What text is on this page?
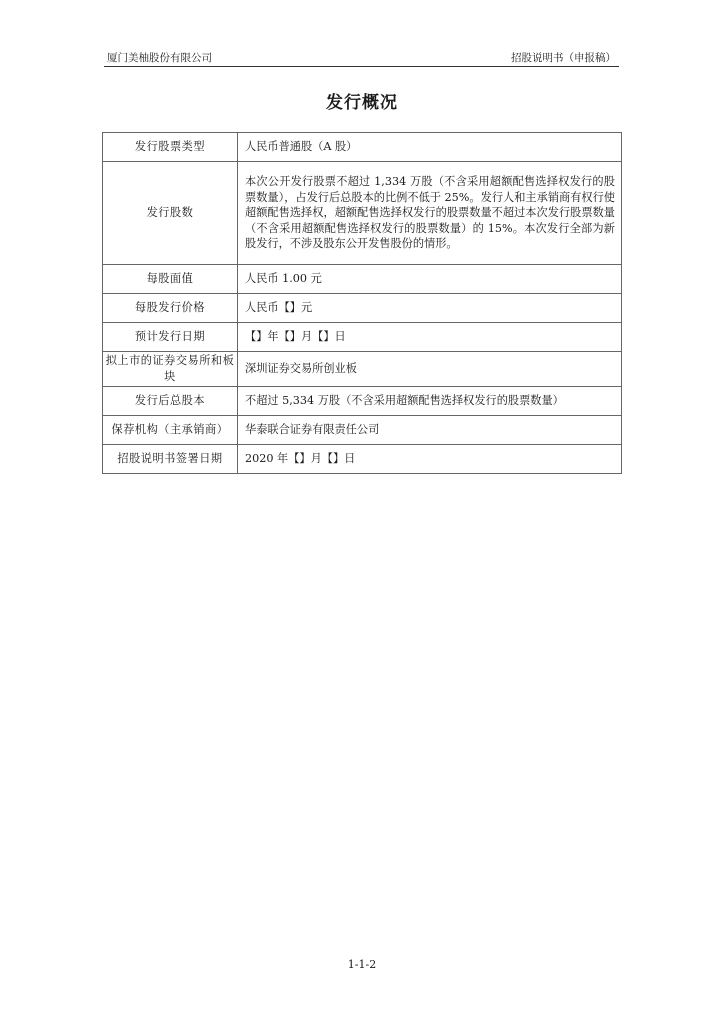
厦门美柚股份有限公司	招股说明书（申报稿）
发行概况
发行股票类型	人民币普通股（A 股）
发行股数	本次公开发行股票不超过 1,334 万股（不含采用超额配售选择权发行的股票数量），占发行后总股本的比例不低于 25%。发行人和主承销商有权行使超额配售选择权，超额配售选择权发行的股票数量不超过本次发行股票数量（不含采用超额配售选择权发行的股票数量）的 15%。本次发行全部为新股发行，不涉及股东公开发售股份的情形。
每股面值	人民币 1.00 元
每股发行价格	人民币【】元
预计发行日期	【】年【】月【】日
拟上市的证券交易所和板块	深圳证券交易所创业板
发行后总股本	不超过 5,334 万股（不含采用超额配售选择权发行的股票数量）
保荐机构（主承销商）	华泰联合证券有限责任公司
招股说明书签署日期	2020 年【】月【】日
1-1-2
